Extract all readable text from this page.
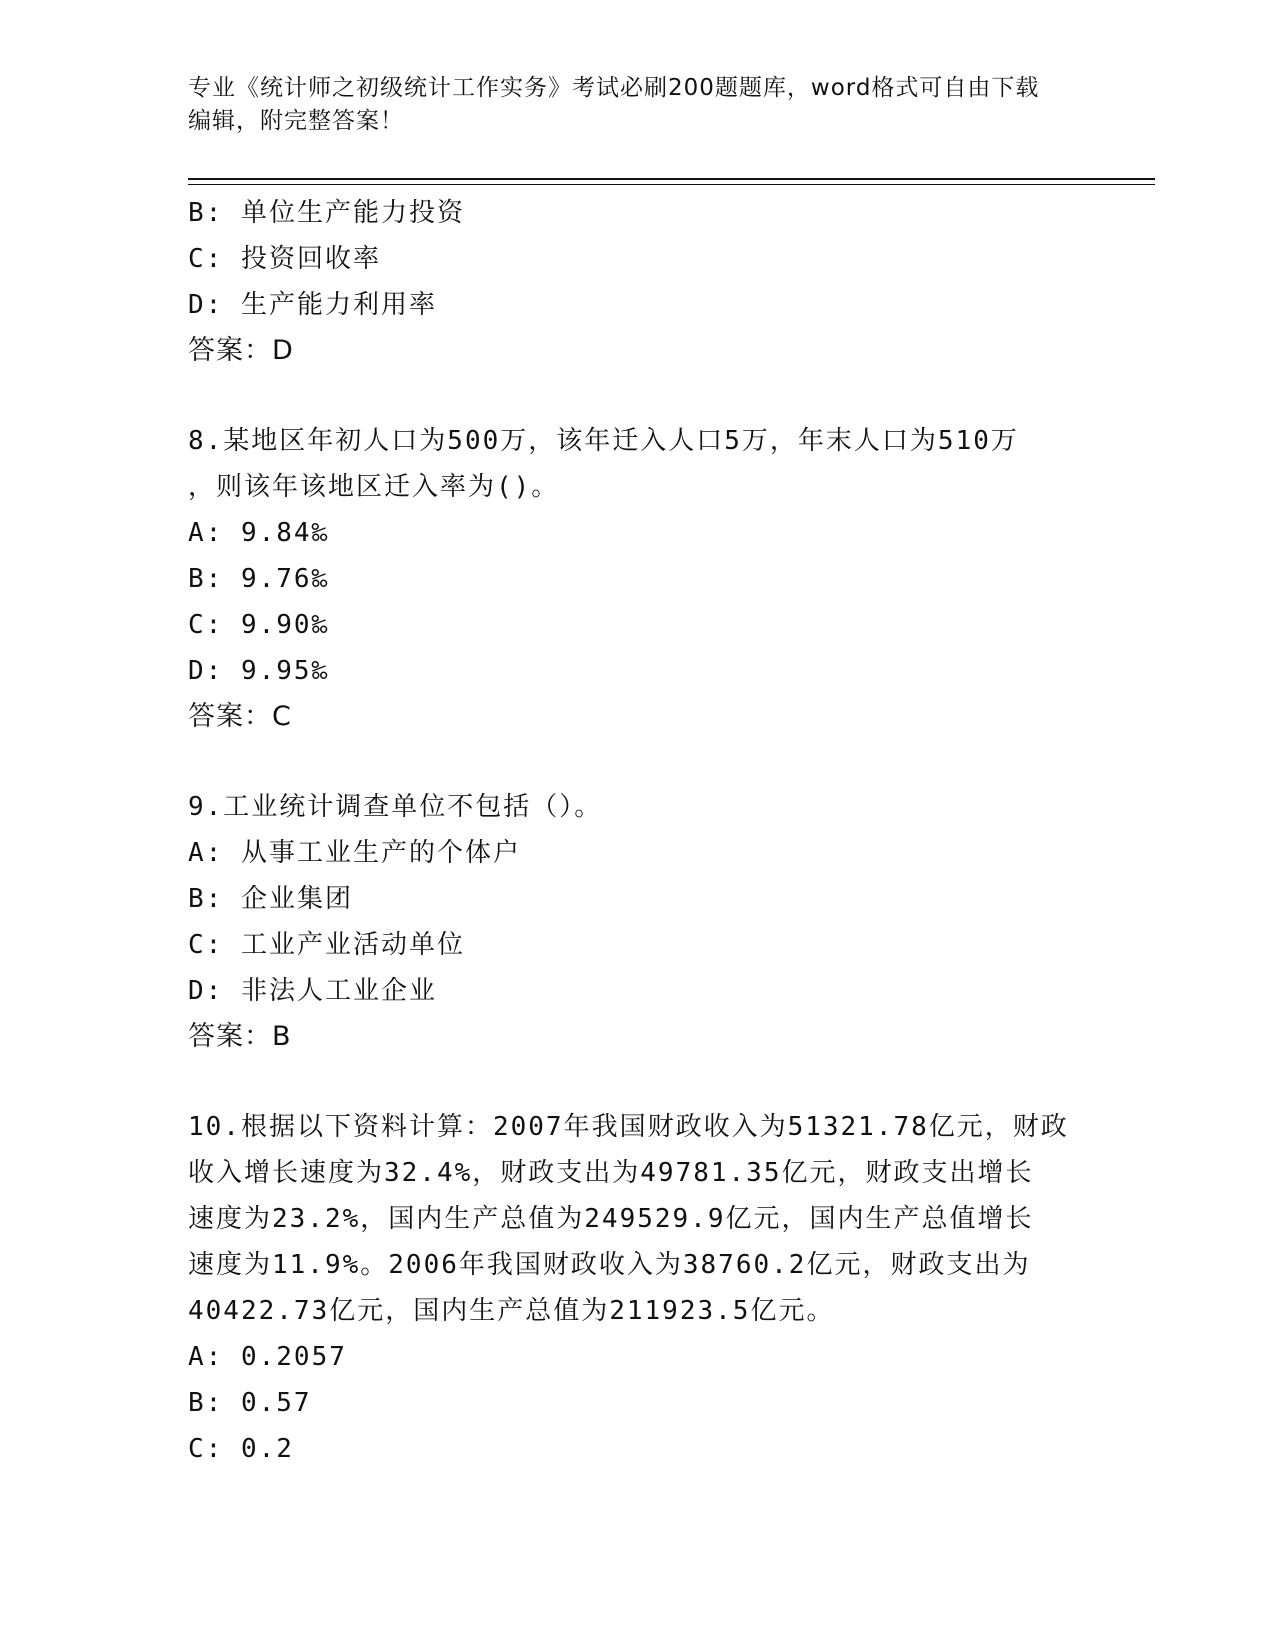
专业《统计师之初级统计工作实务》考试必刷200题题库，word格式可自由下载
编辑，附完整答案！
B: 单位生产能力投资
C: 投资回收率
D: 生产能力利用率
答案：D
8.某地区年初人口为500万，该年迁入人口5万，年末人口为510万
，则该年该地区迁入率为()。
A: 9.84‰
B: 9.76‰
C: 9.90‰
D: 9.95‰
答案：C
9.工业统计调查单位不包括（）。
A: 从事工业生产的个体户
B: 企业集团
C: 工业产业活动单位
D: 非法人工业企业
答案：B
10.根据以下资料计算：2007年我国财政收入为51321.78亿元，财政
收入增长速度为32.4%，财政支出为49781.35亿元，财政支出增长
速度为23.2%，国内生产总值为249529.9亿元，国内生产总值增长
速度为11.9%。2006年我国财政收入为38760.2亿元，财政支出为
40422.73亿元，国内生产总值为211923.5亿元。
A: 0.2057
B: 0.57
C: 0.2
